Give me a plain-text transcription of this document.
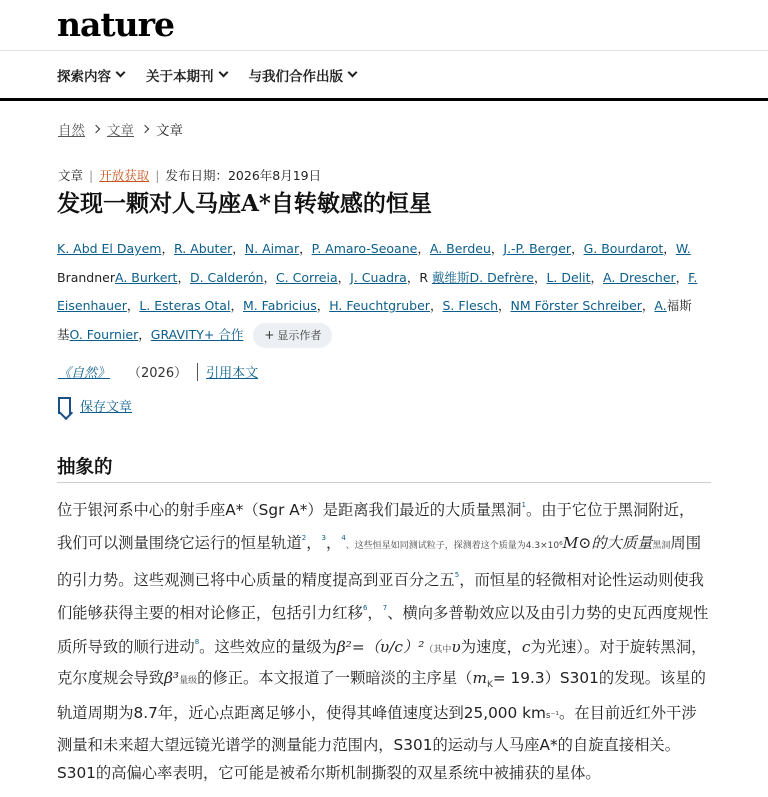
nature
探索内容	关于本期刊	与我们合作出版
自然 文章 文章
文章 | 开放获取 | 发布日期：2026年8月19日
发现一颗对人马座A*自转敏感的恒星
K. Abd El Dayem，R. Abuter，N. Aimar，P. Amaro-Seoane，A. Berdeu，J.-P. Berger，G. Bourdarot，W.
BrandnerA. Burkert，D. Calderón，C. Correia，J. Cuadra，R 戴维斯D. Defrère，L. Delit，A. Drescher，F.
Eisenhauer，L. Esteras Otal，M. Fabricius，H. Feuchtgruber，S. Flesch，NM Förster Schreiber，A.福斯
基O. Fournier，GRAVITY+ 合作 + 显示作者
《自然》 （2026） 引用本文
保存文章
抽象的

位于银河系中心的射手座A*（Sgr A*）是距离我们最近的大质量黑洞$^1$。由于它位于黑洞附近，我们可以测量围绕它运行的恒星轨道$^2$，$^3$，$^4$、这些恒星如同测试粒子，探测着这个质量为4.3×10⁶M⊙的大质量黑洞周围的引力势。这些观测已将中心质量的精度提高到亚百分之五$^5$，而恒星的轻微相对论性运动则使我们能够获得主要的相对论修正，包括引力红移$^6$，$^7$、横向多普勒效应以及由引力势的史瓦西度规性质所导致的顺行进动$^8$。这些效应的量级为β²=（υ/c）²（其中υ为速度，c为光速）。对于旋转黑洞，克尔度规会导致β³量级的修正。本文报道了一颗暗淡的主序星$(m_K= 19.3)S301$的发现。该星的轨道周期为8.7年，近心点距离足够小，使得其峰值速度达到25,000 kms⁻¹。在目前近红外干涉测量和未来超大望远镜光谱学的测量能力范围内，S301的运动与人马座A*的自旋直接相关。S301的高偏心率表明，它可能是被希尔斯机制撕裂的双星系统中被捕获的星体。
